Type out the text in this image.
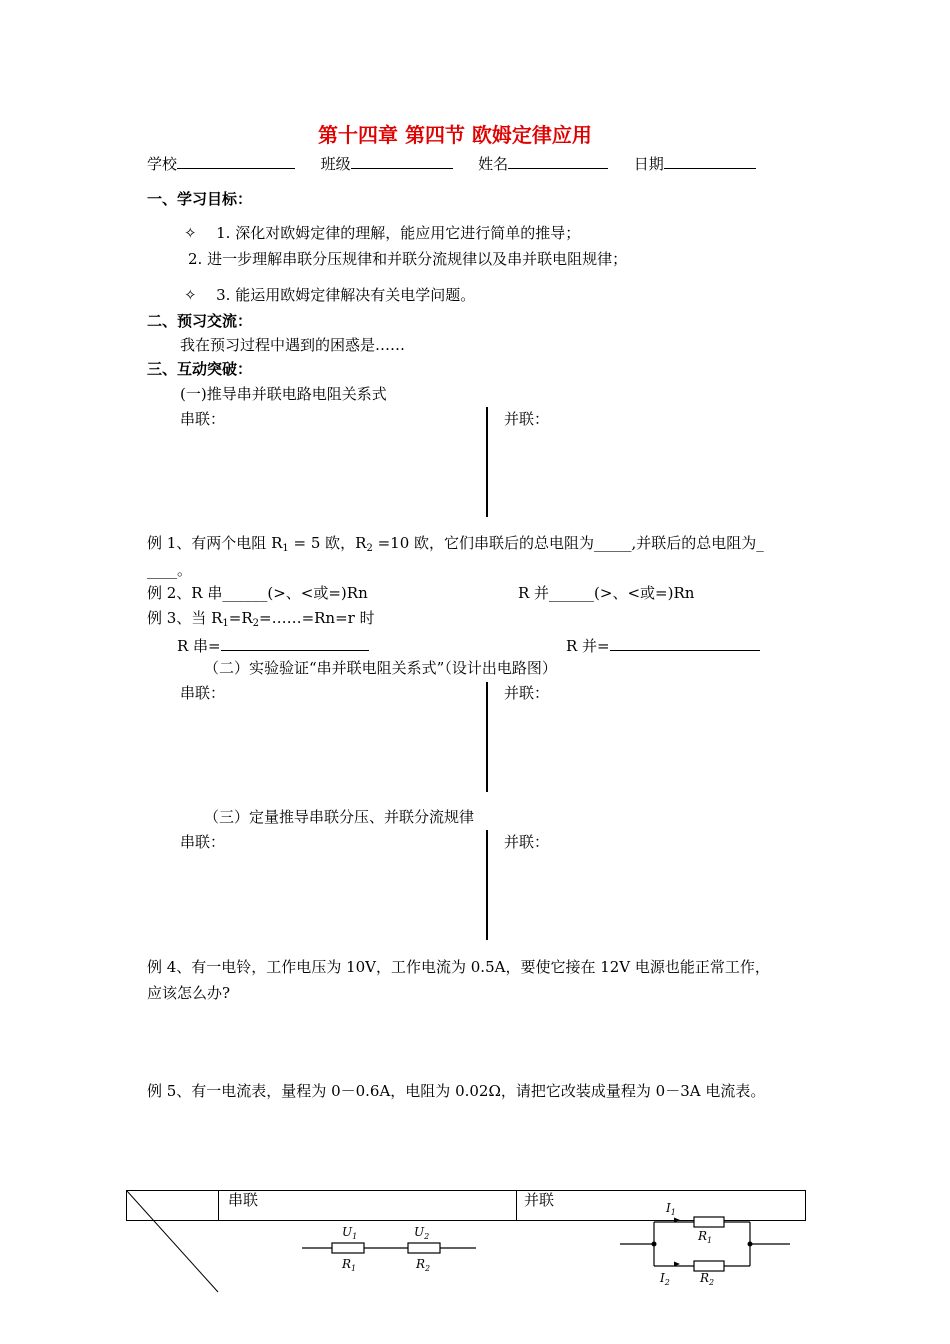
第十四章 第四节 欧姆定律应用
学校	班级	姓名	日期
一、学习目标：
✧ 1. 深化对欧姆定律的理解，能应用它进行简单的推导；
2. 进一步理解串联分压规律和并联分流规律以及串并联电阻规律；
✧ 3. 能运用欧姆定律解决有关电学问题。
二、预习交流：
我在预习过程中遇到的困惑是……
三、互动突破：
(一)推导串并联电路电阻关系式
串联：	并联：
例 1、有两个电阻 $R_1 = 5$ 欧，$R_2 =10$ 欧，它们串联后的总电阻为_____,并联后的总电阻为_
____。
例 2、R 串______(>、<或=)Rn	R 并______(>、<或=)Rn
例 3、当 $R_1=R_2=\dots\dots=Rn=r$ 时
R 串=	R 并=
（二）实验验证“串并联电阻关系式”（设计出电路图）
串联：	并联：
（三）定量推导串联分压、并联分流规律
串联：	并联：
例 4、有一电铃，工作电压为 10V，工作电流为 0.5A，要使它接在 12V 电源也能正常工作，
应该怎么办?
例 5、有一电流表，量程为 0－0.6A，电阻为 0.02Ω，请把它改装成量程为 0－3A 电流表。
串联	并联
$U_1$	$U_2$
$R_1$	$R_2$
$I_1$
$R_1$
$I_2$	$R_2$
